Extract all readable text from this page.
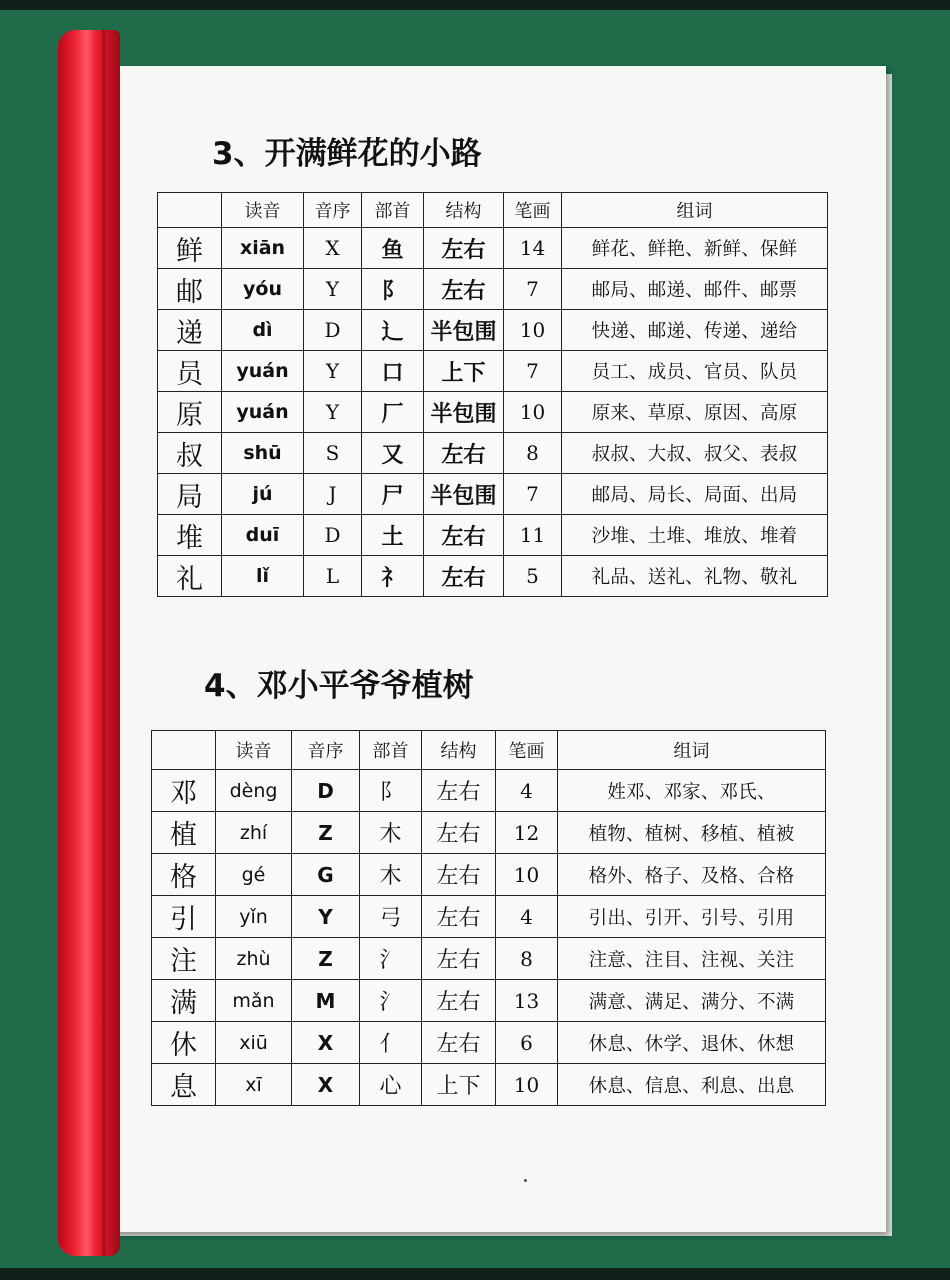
3、开满鲜花的小路
	读音	音序	部首	结构	笔画	组词
鲜	xiān	X	鱼	左右	14	鲜花、鲜艳、新鲜、保鲜
邮	yóu	Y	阝	左右	7	邮局、邮递、邮件、邮票
递	dì	D	辶	半包围	10	快递、邮递、传递、递给
员	yuán	Y	口	上下	7	员工、成员、官员、队员
原	yuán	Y	厂	半包围	10	原来、草原、原因、高原
叔	shū	S	又	左右	8	叔叔、大叔、叔父、表叔
局	jú	J	尸	半包围	7	邮局、局长、局面、出局
堆	duī	D	土	左右	11	沙堆、土堆、堆放、堆着
礼	lǐ	L	礻	左右	5	礼品、送礼、礼物、敬礼
4、邓小平爷爷植树
	读音	音序	部首	结构	笔画	组词
邓	dèng	D	阝	左右	4	姓邓、邓家、邓氏、
植	zhí	Z	木	左右	12	植物、植树、移植、植被
格	gé	G	木	左右	10	格外、格子、及格、合格
引	yǐn	Y	弓	左右	4	引出、引开、引号、引用
注	zhù	Z	氵	左右	8	注意、注目、注视、关注
满	mǎn	M	氵	左右	13	满意、满足、满分、不满
休	xiū	X	亻	左右	6	休息、休学、退休、休想
息	xī	X	心	上下	10	休息、信息、利息、出息
